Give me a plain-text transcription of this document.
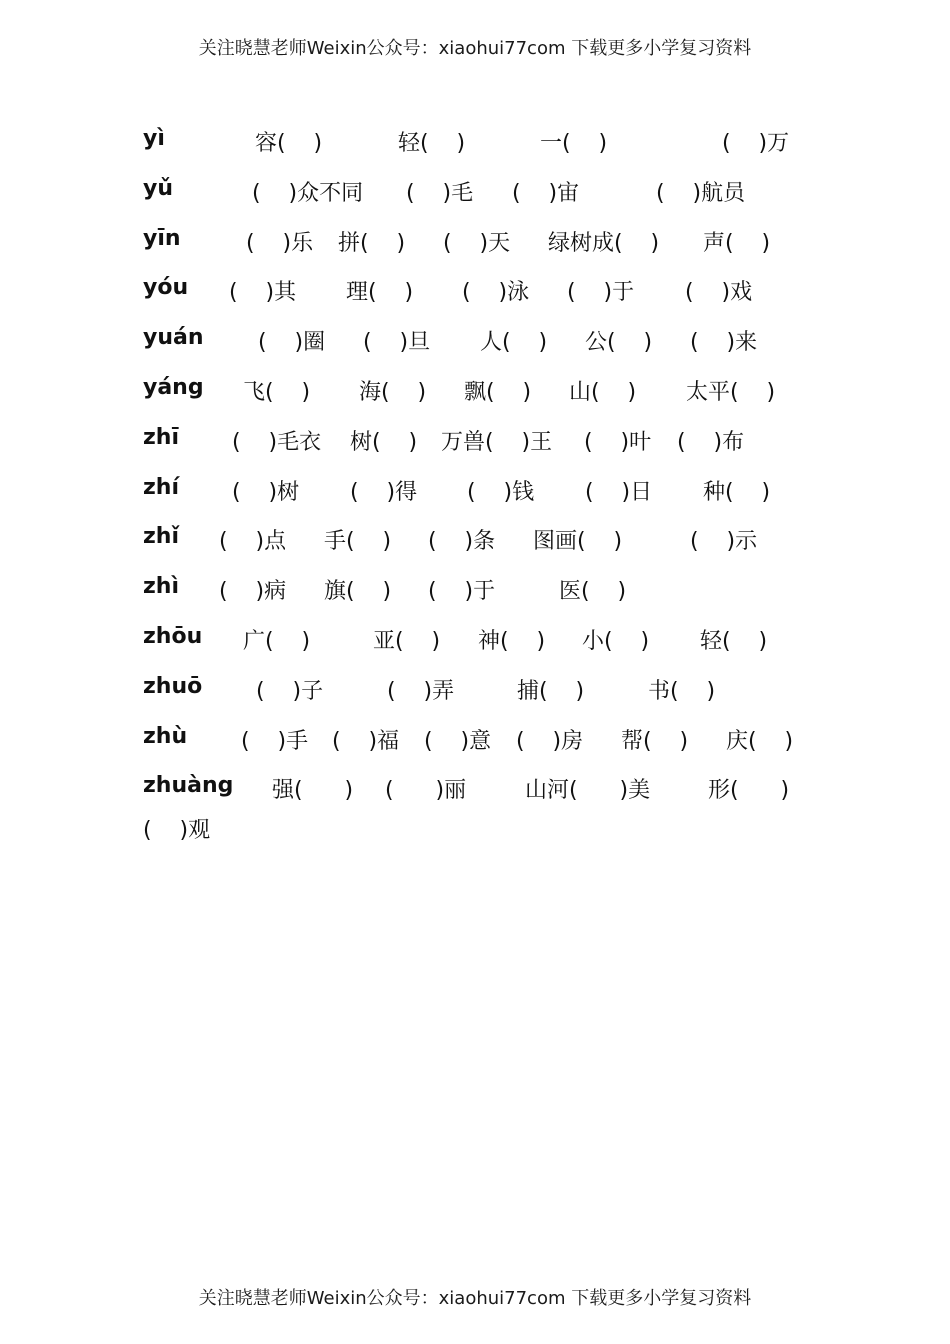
关注晓慧老师Weixin公众号：xiaohui77com 下载更多小学复习资料
yì	容(    )	轻(    )	一(    )	(    )万
yǔ	(    )众不同 (    )毛 (    )宙	(    )航员
yīn	(    )乐 拼(    ) (    )天 绿树成(    ) 声(    )
yóu (    )其 理(    ) (    )泳 (    )于 (    )戏
yuán (    )圈 (    )旦 人(    ) 公(    ) (    )来
yáng 飞(    ) 海(    ) 飘(    ) 山(    ) 太平(    )
zhī (    )毛衣 树(    ) 万兽(    )王 (    )叶 (    )布
zhí (    )树 (    )得 (    )钱 (    )日 种(    )
zhǐ (    )点 手(    ) (    )条 图画(    )	(    )示
zhì (    )病 旗(    ) (    )于	医(    )
zhōu 广(    )	亚(    ) 神(    ) 小(    ) 轻(    )
zhuō (    )子	(    )弄	捕(    )	书(    )
zhù (    )手 (    )福 (    )意 (    )房 帮(    ) 庆(    )
zhuàng 强(      ) (      )丽	山河(      )美	形(      )
(    )观
关注晓慧老师Weixin公众号：xiaohui77com 下载更多小学复习资料
